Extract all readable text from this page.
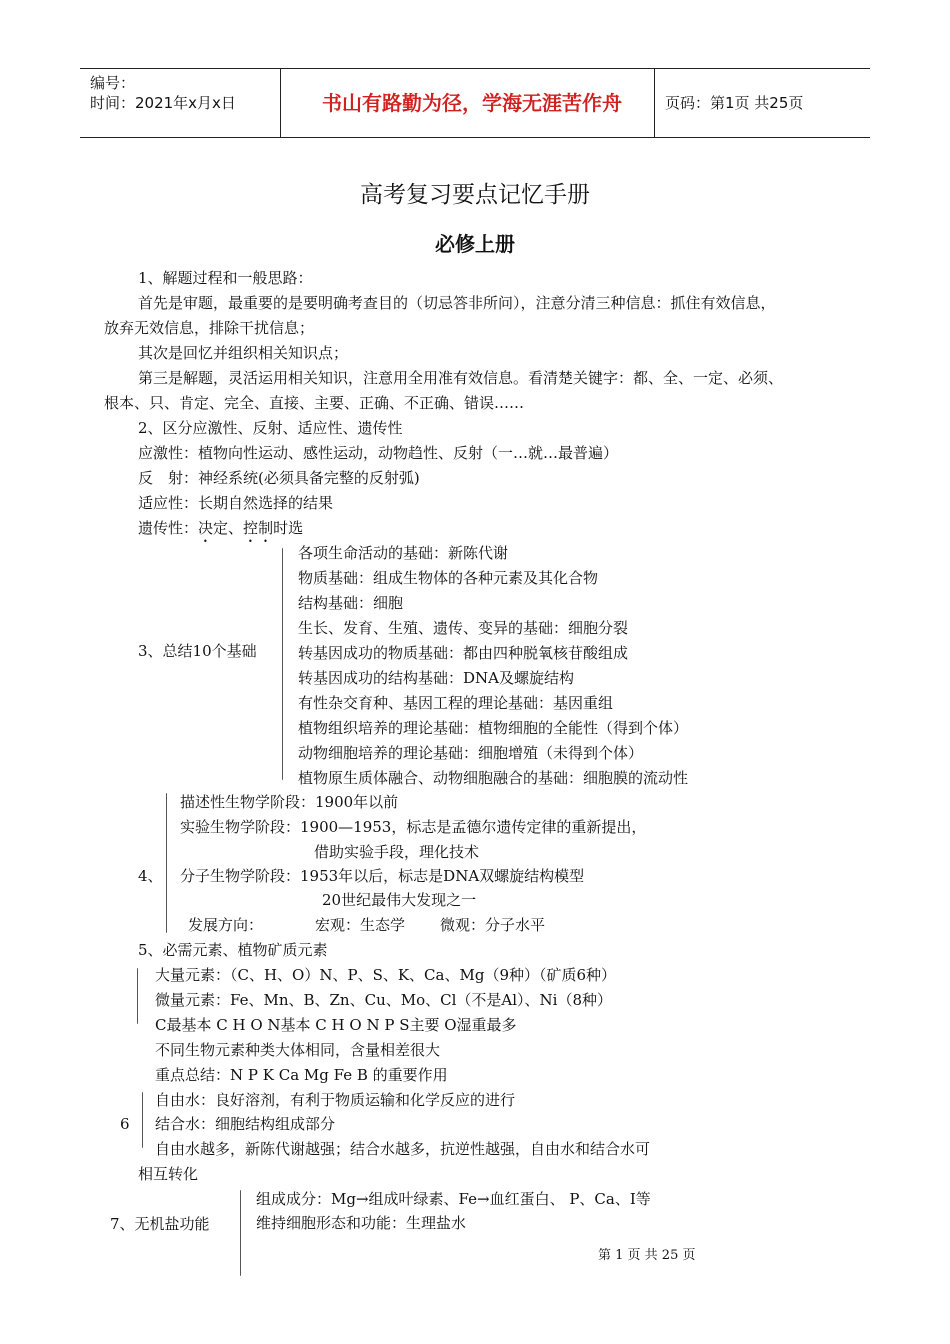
编号：
时间：2021年x月x日	书山有路勤为径，学海无涯苦作舟	页码：第1页 共25页
高考复习要点记忆手册
必修上册
1、解题过程和一般思路：
首先是审题，最重要的是要明确考查目的（切忌答非所问），注意分清三种信息：抓住有效信息，
放弃无效信息，排除干扰信息；
其次是回忆并组织相关知识点；
第三是解题，灵活运用相关知识，注意用全用准有效信息。看清楚关键字：都、全、一定、必须、
根本、只、肯定、完全、直接、主要、正确、不正确、错误……
2、区分应激性、反射、适应性、遗传性
应激性：植物向性运动、感性运动，动物趋性、反射（一…就…最普遍）
反　射：神经系统(必须具备完整的反射弧)
适应性：长期自然选择的结果
遗传性：决定、控制时选
3、总结10个基础
各项生命活动的基础：新陈代谢
物质基础：组成生物体的各种元素及其化合物
结构基础：细胞
生长、发育、生殖、遗传、变异的基础：细胞分裂
转基因成功的物质基础：都由四种脱氧核苷酸组成
转基因成功的结构基础：DNA及螺旋结构
有性杂交育种、基因工程的理论基础：基因重组
植物组织培养的理论基础：植物细胞的全能性（得到个体）
动物细胞培养的理论基础：细胞增殖（未得到个体）
植物原生质体融合、动物细胞融合的基础：细胞膜的流动性
4、
描述性生物学阶段：1900年以前
实验生物学阶段：1900—1953，标志是孟德尔遗传定律的重新提出，
借助实验手段，理化技术
分子生物学阶段：1953年以后，标志是DNA双螺旋结构模型
20世纪最伟大发现之一
发展方向：	宏观：生态学 微观：分子水平
5、必需元素、植物矿质元素
大量元素：（C、H、O）N、P、S、K、Ca、Mg（9种）（矿质6种）
微量元素：Fe、Mn、B、Zn、Cu、Mo、Cl（不是Al）、Ni（8种）
C最基本 C H O N基本 C H O N P S主要 O湿重最多
不同生物元素种类大体相同，含量相差很大
重点总结：N P K Ca Mg Fe B 的重要作用
6
自由水：良好溶剂，有利于物质运输和化学反应的进行
结合水：细胞结构组成部分
自由水越多，新陈代谢越强；结合水越多，抗逆性越强，自由水和结合水可
相互转化
7、无机盐功能
组成成分：Mg→组成叶绿素、Fe→血红蛋白、 P、Ca、I等
维持细胞形态和功能：生理盐水
第 1 页 共 25 页
